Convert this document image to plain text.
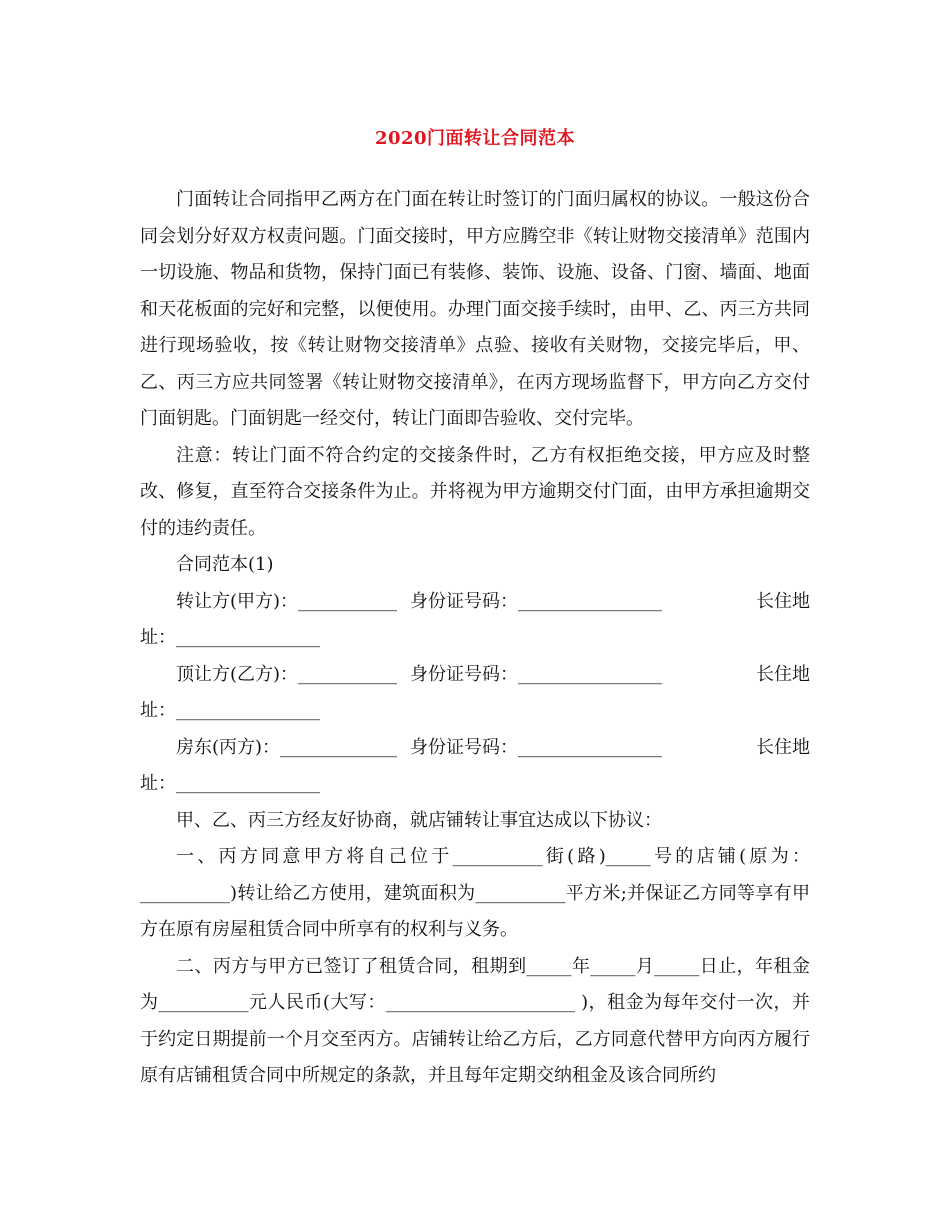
2020门面转让合同范本

门面转让合同指甲乙两方在门面在转让时签订的门面归属权的协议。一般这份合同会划分好双方权责问题。门面交接时，甲方应腾空非《转让财物交接清单》范围内一切设施、物品和货物，保持门面已有装修、装饰、设施、设备、门窗、墙面、地面和天花板面的完好和完整，以便使用。办理门面交接手续时，由甲、乙、丙三方共同进行现场验收，按《转让财物交接清单》点验、接收有关财物，交接完毕后，甲、乙、丙三方应共同签署《转让财物交接清单》，在丙方现场监督下，甲方向乙方交付门面钥匙。门面钥匙一经交付，转让门面即告验收、交付完毕。

注意：转让门面不符合约定的交接条件时，乙方有权拒绝交接，甲方应及时整改、修复，直至符合交接条件为止。并将视为甲方逾期交付门面，由甲方承担逾期交付的违约责任。

合同范本(1)

转让方(甲方)：___________ 身份证号码：________________	长住地
址：________________
顶让方(乙方)：___________ 身份证号码：________________	长住地
址：________________
房东(丙方)：_____________ 身份证号码：________________	长住地
址：________________

甲、乙、丙三方经友好协商，就店铺转让事宜达成以下协议：

一、丙方同意甲方将自己位于__________街(路)_____号的店铺(原为：__________)转让给乙方使用，建筑面积为__________平方米;并保证乙方同等享有甲方在原有房屋租赁合同中所享有的权利与义务。

二、丙方与甲方已签订了租赁合同，租期到_____年_____月_____日止，年租金为__________元人民币(大写：_____________________ )，租金为每年交付一次，并于约定日期提前一个月交至丙方。店铺转让给乙方后，乙方同意代替甲方向丙方履行原有店铺租赁合同中所规定的条款，并且每年定期交纳租金及该合同所约
